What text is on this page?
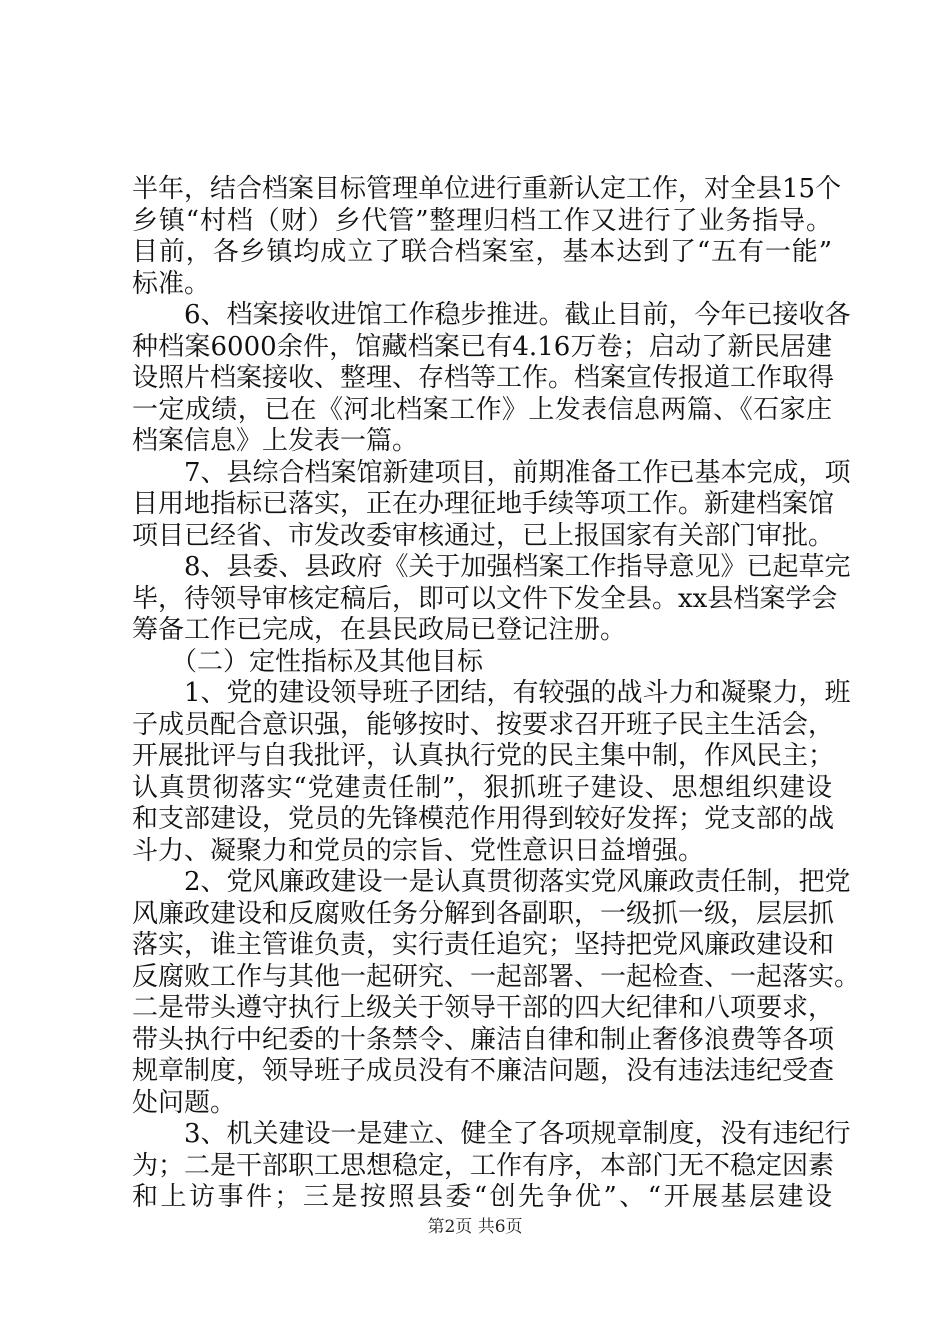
半年，结合档案目标管理单位进行重新认定工作，对全县15个
乡镇“村档（财）乡代管”整理归档工作又进行了业务指导。
目前，各乡镇均成立了联合档案室，基本达到了“五有一能”
标准。
　　6、档案接收进馆工作稳步推进。截止目前，今年已接收各
种档案6000余件，馆藏档案已有4.16万卷；启动了新民居建
设照片档案接收、整理、存档等工作。档案宣传报道工作取得
一定成绩，已在《河北档案工作》上发表信息两篇、《石家庄
档案信息》上发表一篇。
　　7、县综合档案馆新建项目，前期准备工作已基本完成，项
目用地指标已落实，正在办理征地手续等项工作。新建档案馆
项目已经省、市发改委审核通过，已上报国家有关部门审批。
　　8、县委、县政府《关于加强档案工作指导意见》已起草完
毕，待领导审核定稿后，即可以文件下发全县。xx县档案学会
筹备工作已完成，在县民政局已登记注册。
　　（二）定性指标及其他目标
　　1、党的建设领导班子团结，有较强的战斗力和凝聚力，班
子成员配合意识强，能够按时、按要求召开班子民主生活会，
开展批评与自我批评，认真执行党的民主集中制，作风民主；
认真贯彻落实“党建责任制”，狠抓班子建设、思想组织建设
和支部建设，党员的先锋模范作用得到较好发挥；党支部的战
斗力、凝聚力和党员的宗旨、党性意识日益增强。
　　2、党风廉政建设一是认真贯彻落实党风廉政责任制，把党
风廉政建设和反腐败任务分解到各副职，一级抓一级，层层抓
落实，谁主管谁负责，实行责任追究；坚持把党风廉政建设和
反腐败工作与其他一起研究、一起部署、一起检查、一起落实。
二是带头遵守执行上级关于领导干部的四大纪律和八项要求，
带头执行中纪委的十条禁令、廉洁自律和制止奢侈浪费等各项
规章制度，领导班子成员没有不廉洁问题，没有违法违纪受查
处问题。
　　3、机关建设一是建立、健全了各项规章制度，没有违纪行
为；二是干部职工思想稳定，工作有序，本部门无不稳定因素
和上访事件；三是按照县委“创先争优”、“开展基层建设
第2页 共6页
